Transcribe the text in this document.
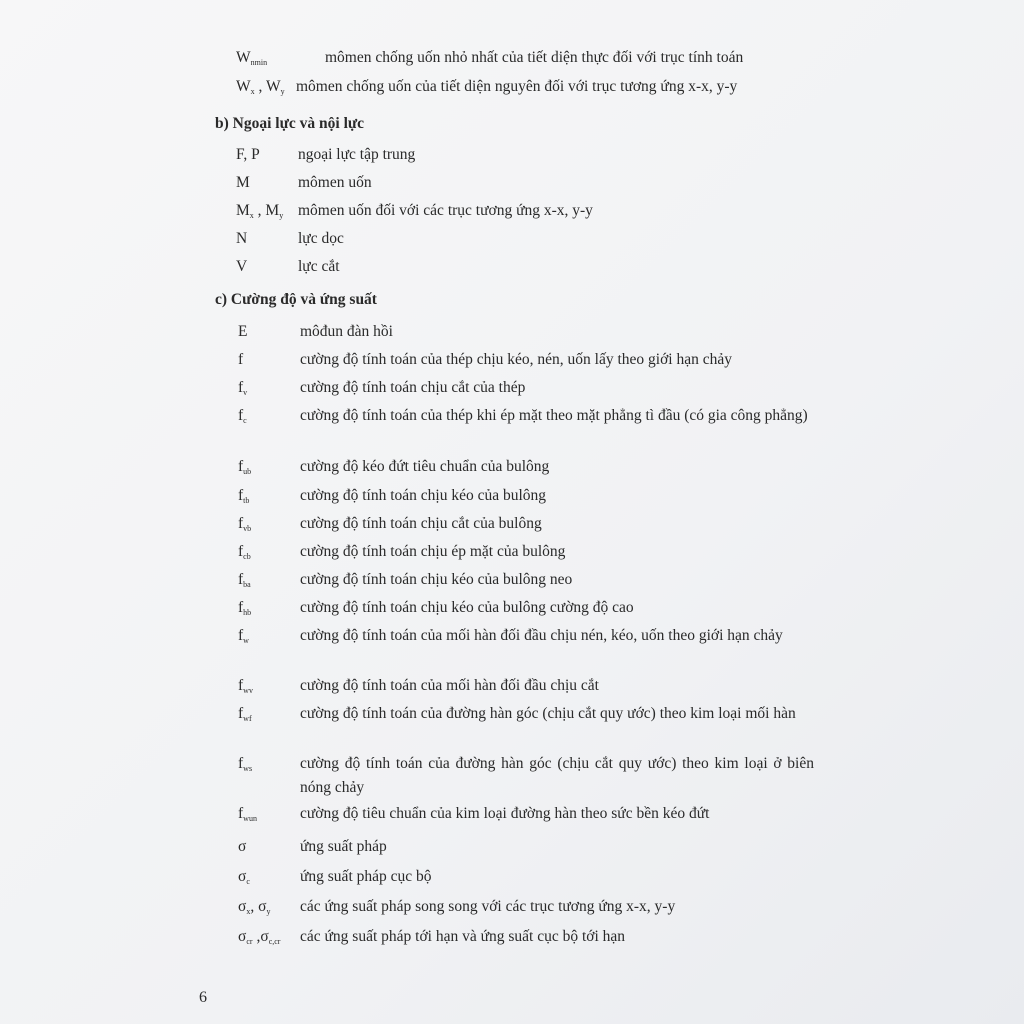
$W_{nmin}$	mômen chống uốn nhỏ nhất của tiết diện thực đối với trục tính toán
$W_x$ , $W_y$ mômen chống uốn của tiết diện nguyên đối với trục tương ứng x-x, y-y
b) Ngoại lực và nội lực
F, P ngoại lực tập trung
M	mômen uốn
$M_x$ , $M_y$ mômen uốn đối với các trục tương ứng x-x, y-y
N	lực dọc
V	lực cắt
c) Cường độ và ứng suất
E	môđun đàn hồi
f	cường độ tính toán của thép chịu kéo, nén, uốn lấy theo giới hạn chảy
$f_v$	cường độ tính toán chịu cắt của thép
$f_c$	cường độ tính toán của thép khi ép mặt theo mặt phẳng tì đầu (có gia công phẳng)
$f_{ub}$	cường độ kéo đứt tiêu chuẩn của bulông
$f_{tb}$	cường độ tính toán chịu kéo của bulông
$f_{vb}$	cường độ tính toán chịu cắt của bulông
$f_{cb}$	cường độ tính toán chịu ép mặt của bulông
$f_{ba}$	cường độ tính toán chịu kéo của bulông neo
$f_{hb}$	cường độ tính toán chịu kéo của bulông cường độ cao
$f_w$	cường độ tính toán của mối hàn đối đầu chịu nén, kéo, uốn theo giới hạn chảy
$f_{wv}$	cường độ tính toán của mối hàn đối đầu chịu cắt
$f_{wf}$	cường độ tính toán của đường hàn góc (chịu cắt quy ước) theo kim loại mối hàn
$f_{ws}$	cường độ tính toán của đường hàn góc (chịu cắt quy ước) theo kim loại ở biên nóng chảy
$f_{wun}$	cường độ tiêu chuẩn của kim loại đường hàn theo sức bền kéo đứt
σ	ứng suất pháp
$\sigma_c$	ứng suất pháp cục bộ
$\sigma_x$, $\sigma_y$ các ứng suất pháp song song với các trục tương ứng x-x, y-y
$\sigma_{cr}$ $,\sigma_{c,cr}$ các ứng suất pháp tới hạn và ứng suất cục bộ tới hạn
6
